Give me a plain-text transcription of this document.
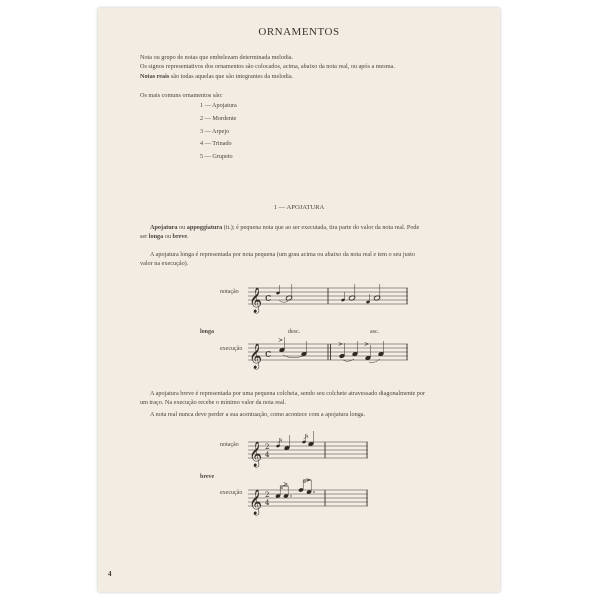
ORNAMENTOS
Nota ou grupo de notas que embelezam determinada melodia.
Os signos representativos dos ornamentos são colocados, acima, abaixo da nota real, ou após a mesma.
Notas reais são todas aquelas que são integrantes da melodia.
Os mais comuns ornamentos são:
1 — Apojatura
2 — Mordente
3 — Arpejo
4 — Trinado
5 — Grupeto
1 — APOJATURA
Apojatura ou appoggiatura (it.); é pequena nota que ao ser executada, tira parte do valor da nota real. Pode
ser longa ou breve.
A apojatura longa é representada por nota pequena (um grau acima ou abaixo da nota real e tem o seu justo
valor na execução).
notação 𝄞 c
longa	desc.	asc.
execução 𝄞 c
>
>	>
A apojatura breve é representada por uma pequena colcheia, sendo seu colchete atravessado diagonalmente por
um traço. Na execução recebe o mínimo valor da nota real.
A nota real nunca deve perder a sua acentuação, como acontece com a apojatura longa.
notação 𝄞 2
4
breve
execução 𝄞 2
4
>
>
4
